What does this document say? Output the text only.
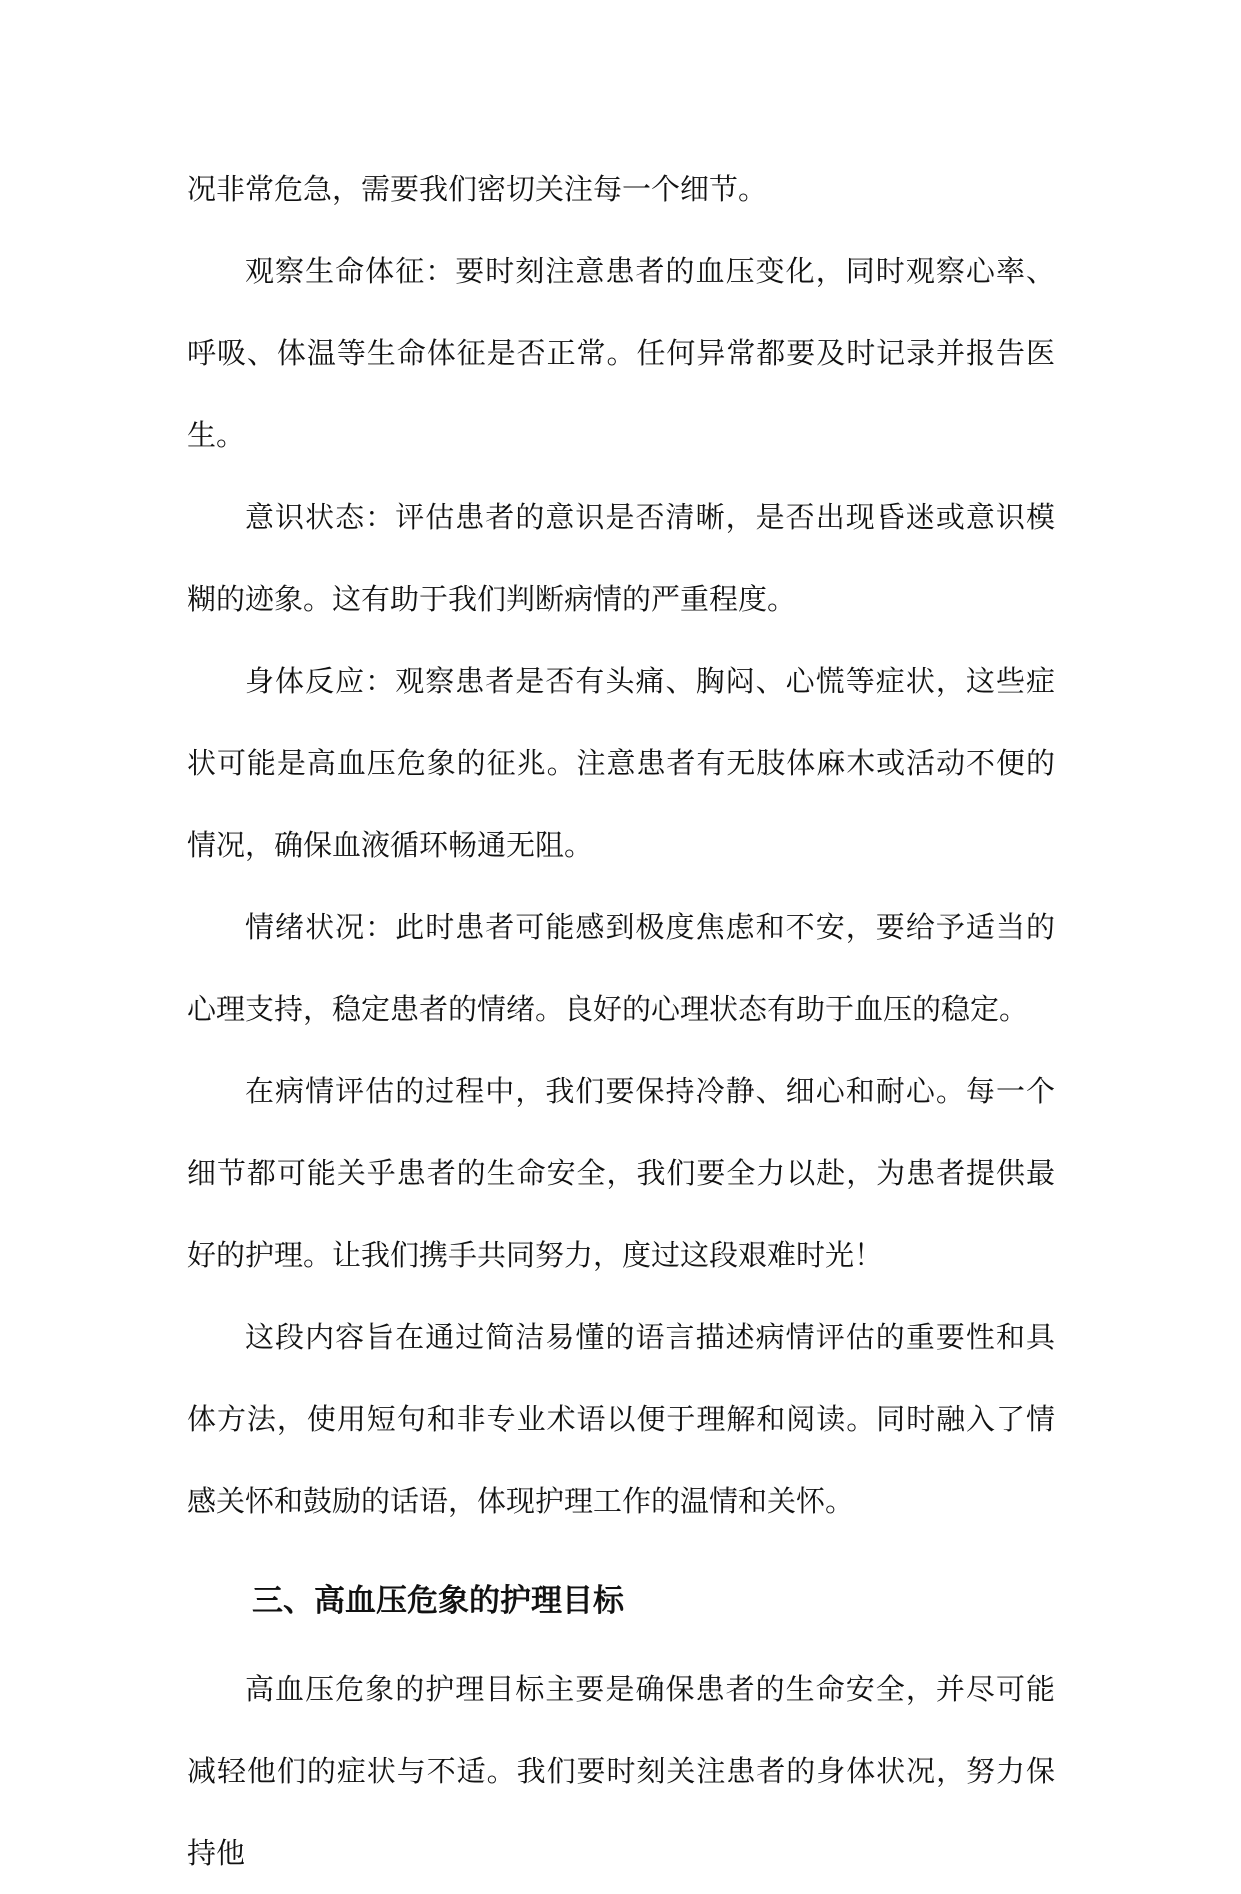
况非常危急，需要我们密切关注每一个细节。

观察生命体征：要时刻注意患者的血压变化，同时观察心率、呼吸、体温等生命体征是否正常。任何异常都要及时记录并报告医生。

意识状态：评估患者的意识是否清晰，是否出现昏迷或意识模糊的迹象。这有助于我们判断病情的严重程度。

身体反应：观察患者是否有头痛、胸闷、心慌等症状，这些症状可能是高血压危象的征兆。注意患者有无肢体麻木或活动不便的情况，确保血液循环畅通无阻。

情绪状况：此时患者可能感到极度焦虑和不安，要给予适当的心理支持，稳定患者的情绪。良好的心理状态有助于血压的稳定。

在病情评估的过程中，我们要保持冷静、细心和耐心。每一个细节都可能关乎患者的生命安全，我们要全力以赴，为患者提供最好的护理。让我们携手共同努力，度过这段艰难时光！

这段内容旨在通过简洁易懂的语言描述病情评估的重要性和具体方法，使用短句和非专业术语以便于理解和阅读。同时融入了情感关怀和鼓励的话语，体现护理工作的温情和关怀。

三、高血压危象的护理目标

高血压危象的护理目标主要是确保患者的生命安全，并尽可能减轻他们的症状与不适。我们要时刻关注患者的身体状况，努力保持他
